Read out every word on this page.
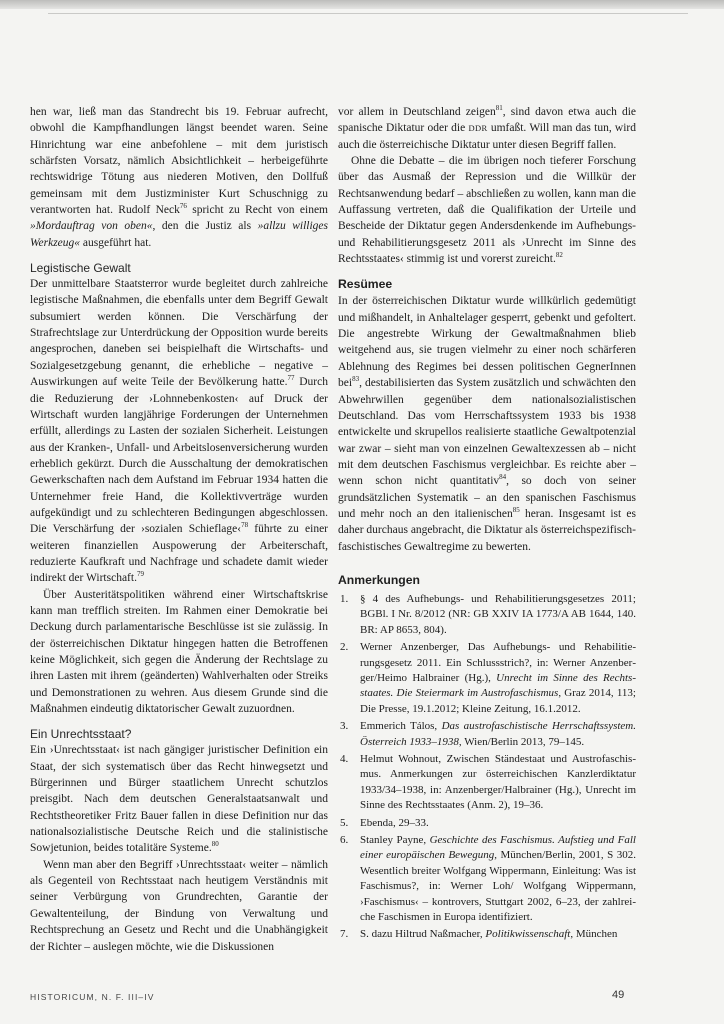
hen war, ließ man das Standrecht bis 19. Februar aufrecht, obwohl die Kampfhandlungen längst beendet waren. Seine Hinrichtung war eine anbefohlene – mit dem juristisch schärfsten Vorsatz, nämlich Absichtlichkeit – herbeigeführte rechtswidrige Tötung aus niederen Motiven, den Dollfuß gemeinsam mit dem Justizminister Kurt Schuschnigg zu verantworten hat. Rudolf Neck$^{76}$ spricht zu Recht von einem »Mordauftrag von oben«, den die Justiz als »allzu williges Werkzeug« ausgeführt hat.

Legistische Gewalt

Der unmittelbare Staatsterror wurde begleitet durch zahlreiche legistische Maßnahmen, die ebenfalls unter dem Begriff Gewalt subsumiert werden können. Die Verschärfung der Strafrechtslage zur Unterdrückung der Opposition wurde bereits angesprochen, daneben sei beispielhaft die Wirtschafts- und Sozialgesetzgebung genannt, die erhebliche – negative – Auswirkungen auf weite Teile der Bevölkerung hatte.$^{77}$ Durch die Reduzierung der ›Lohnnebenkosten‹ auf Druck der Wirtschaft wurden langjährige Forderungen der Unternehmen erfüllt, allerdings zu Lasten der sozialen Sicherheit. Leistungen aus der Kranken-, Unfall- und Arbeitslosenversicherung wurden erheblich gekürzt. Durch die Ausschaltung der demokratischen Gewerkschaften nach dem Aufstand im Februar 1934 hatten die Unternehmer freie Hand, die Kollektivverträge wurden aufgekündigt und zu schlechteren Bedingungen abgeschlossen. Die Verschärfung der ›sozialen Schieflage‹$^{78}$ führte zu einer weiteren finanziellen Auspowerung der Arbeiterschaft, reduzierte Kaufkraft und Nachfrage und schadete damit wieder indirekt der Wirtschaft.$^{79}$

Über Austeritätspolitiken während einer Wirtschaftskrise kann man trefflich streiten. Im Rahmen einer Demokratie bei Deckung durch parlamentarische Beschlüsse ist sie zulässig. In der österreichischen Diktatur hingegen hatten die Betroffenen keine Möglichkeit, sich gegen die Änderung der Rechtslage zu ihren Lasten mit ihrem (geänderten) Wahlverhalten oder Streiks und Demonstrationen zu wehren. Aus diesem Grunde sind die Maßnahmen eindeutig diktatorischer Gewalt zuzuordnen.

Ein Unrechtsstaat?

Ein ›Unrechtsstaat‹ ist nach gängiger juristischer Definition ein Staat, der sich systematisch über das Recht hinwegsetzt und Bürgerinnen und Bürger staatlichem Unrecht schutzlos preisgibt. Nach dem deutschen Generalstaatsanwalt und Rechtstheoretiker Fritz Bauer fallen in diese Definition nur das nationalsozialistische Deutsche Reich und die stalinistische Sowjetunion, beides totalitäre Systeme.$^{80}$

Wenn man aber den Begriff ›Unrechtsstaat‹ weiter – nämlich als Gegenteil von Rechtsstaat nach heutigem Verständnis mit seiner Verbürgung von Grundrechten, Garantie der Gewaltenteilung, der Bindung von Verwaltung und Rechtsprechung an Gesetz und Recht und die Unabhängigkeit der Richter – auslegen möchte, wie die Diskussionen

vor allem in Deutschland zeigen$^{81}$, sind davon etwa auch die spanische Diktatur oder die DDR umfaßt. Will man das tun, wird auch die österreichische Diktatur unter diesen Begriff fallen.

Ohne die Debatte – die im übrigen noch tieferer Forschung über das Ausmaß der Repression und die Willkür der Rechtsanwendung bedarf – abschließen zu wollen, kann man die Auffassung vertreten, daß die Qualifikation der Urteile und Bescheide der Diktatur gegen Andersdenkende im Aufhebungs- und Rehabilitierungsgesetz 2011 als ›Unrecht im Sinne des Rechtsstaates‹ stimmig ist und vorerst zureicht.$^{82}$

Resümee

In der österreichischen Diktatur wurde willkürlich gedemütigt und mißhandelt, in Anhaltelager gesperrt, gebenkt und gefoltert. Die angestrebte Wirkung der Gewaltmaßnahmen blieb weitgehend aus, sie trugen vielmehr zu einer noch schärferen Ablehnung des Regimes bei dessen politischen GegnerInnen bei$^{83}$, destabilisierten das System zusätzlich und schwächten den Abwehrwillen gegenüber dem nationalsozialistischen Deutschland. Das vom Herrschaftssystem 1933 bis 1938 entwickelte und skrupellos realisierte staatliche Gewaltpotenzial war zwar – sieht man von einzelnen Gewaltexzessen ab – nicht mit dem deutschen Faschismus vergleichbar. Es reichte aber – wenn schon nicht quantitativ$^{84}$, so doch von seiner grundsätzlichen Systematik – an den spanischen Faschismus und mehr noch an den italienischen$^{85}$ heran. Insgesamt ist es daher durchaus angebracht, die Diktatur als österreichspezifisch-faschistisches Gewaltregime zu bewerten.

Anmerkungen
1. § 4 des Aufhebungs- und Rehabilitierungsgesetzes 2011; BGBl. I Nr. 8/2012 (NR: GB XXIV IA 1773/A AB 1644, 140. BR: AP 8653, 804).
2. Werner Anzenberger, Das Aufhebungs- und Rehabilitierungsgesetz 2011. Ein Schlussstrich?, in: Werner Anzenberger/Heimo Halbrainer (Hg.), Unrecht im Sinne des Rechtsstaates. Die Steiermark im Austrofaschismus, Graz 2014, 113; Die Presse, 19.1.2012; Kleine Zeitung, 16.1.2012.
3. Emmerich Tálos, Das austrofaschistische Herrschaftssystem. Österreich 1933–1938, Wien/Berlin 2013, 79–145.
4. Helmut Wohnout, Zwischen Ständestaat und Austrofaschismus. Anmerkungen zur österreichischen Kanzlerdiktatur 1933/34–1938, in: Anzenberger/Halbrainer (Hg.), Unrecht im Sinne des Rechtsstaates (Anm. 2), 19–36.
5. Ebenda, 29–33.
6. Stanley Payne, Geschichte des Faschismus. Aufstieg und Fall einer europäischen Bewegung, München/Berlin, 2001, S 302. Wesentlich breiter Wolfgang Wippermann, Einleitung: Was ist Faschismus?, in: Werner Loh/ Wolfgang Wippermann, ›Faschismus‹ – kontrovers, Stuttgart 2002, 6–23, der zahlreiche Faschismen in Europa identifiziert.
7. S. dazu Hiltrud Naßmacher, Politikwissenschaft, München
HISTORICUM, N. F. III–IV	49
